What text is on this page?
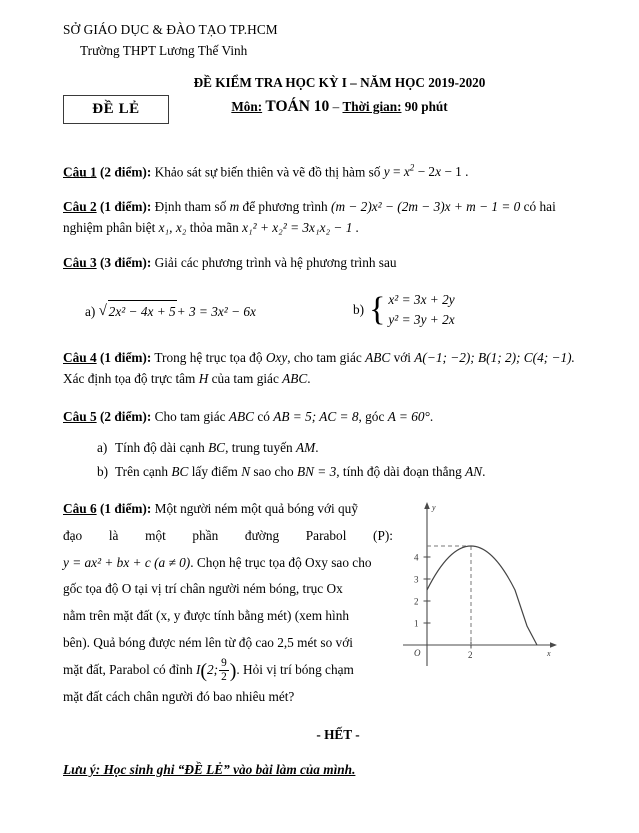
SỞ GIÁO DỤC & ĐÀO TẠO TP.HCM
Trường THPT Lương Thế Vinh
ĐỀ KIỂM TRA HỌC KỲ I – NĂM HỌC 2019-2020
Môn: TOÁN 10 – Thời gian: 90 phút
ĐỀ LẺ
Câu 1 (2 điểm): Khảo sát sự biến thiên và vẽ đồ thị hàm số $y = x^2 - 2x - 1$ .
Câu 2 (1 điểm): Định tham số m để phương trình (m − 2)x² − (2m − 3)x + m − 1 = 0 có hai nghiệm phân biệt x₁, x₂ thỏa mãn x₁² + x₂² = 3x₁x₂ − 1 .
Câu 3 (3 điểm): Giải các phương trình và hệ phương trình sau
a) √ 2x² − 4x + 5+ 3 = 3x² − 6x	b) { x² = 3x + 2y
y² = 3y + 2x
Câu 4 (1 điểm): Trong hệ trục tọa độ Oxy, cho tam giác ABC với A(−1; −2); B(1; 2); C(4; −1). Xác định tọa độ trực tâm H của tam giác ABC.
Câu 5 (2 điểm): Cho tam giác ABC có AB = 5; AC = 8, góc A = 60°.
a) Tính độ dài cạnh BC, trung tuyến AM.
b) Trên cạnh BC lấy điểm N sao cho BN = 3, tính độ dài đoạn thẳng AN.

Câu 6 (1 điểm): Một người ném một quả bóng với quỹ

đạo là một phần đường Parabol (P):

y = ax² + bx + c (a ≠ 0). Chọn hệ trục tọa độ Oxy sao cho

gốc tọa độ O tại vị trí chân người ném bóng, trục Ox

nằm trên mặt đất (x, y được tính bằng mét) (xem hình

bên). Quả bóng được ném lên từ độ cao 2,5 mét so với

mặt đất, Parabol có đỉnh I(2; $\frac{9}{2}$ ). Hỏi vị trí bóng chạm

mặt đất cách chân người đó bao nhiêu mét?

y
x
O
1
2
3
4
2
- HẾT -
Lưu ý: Học sinh ghi “ĐỀ LẺ” vào bài làm của mình.
